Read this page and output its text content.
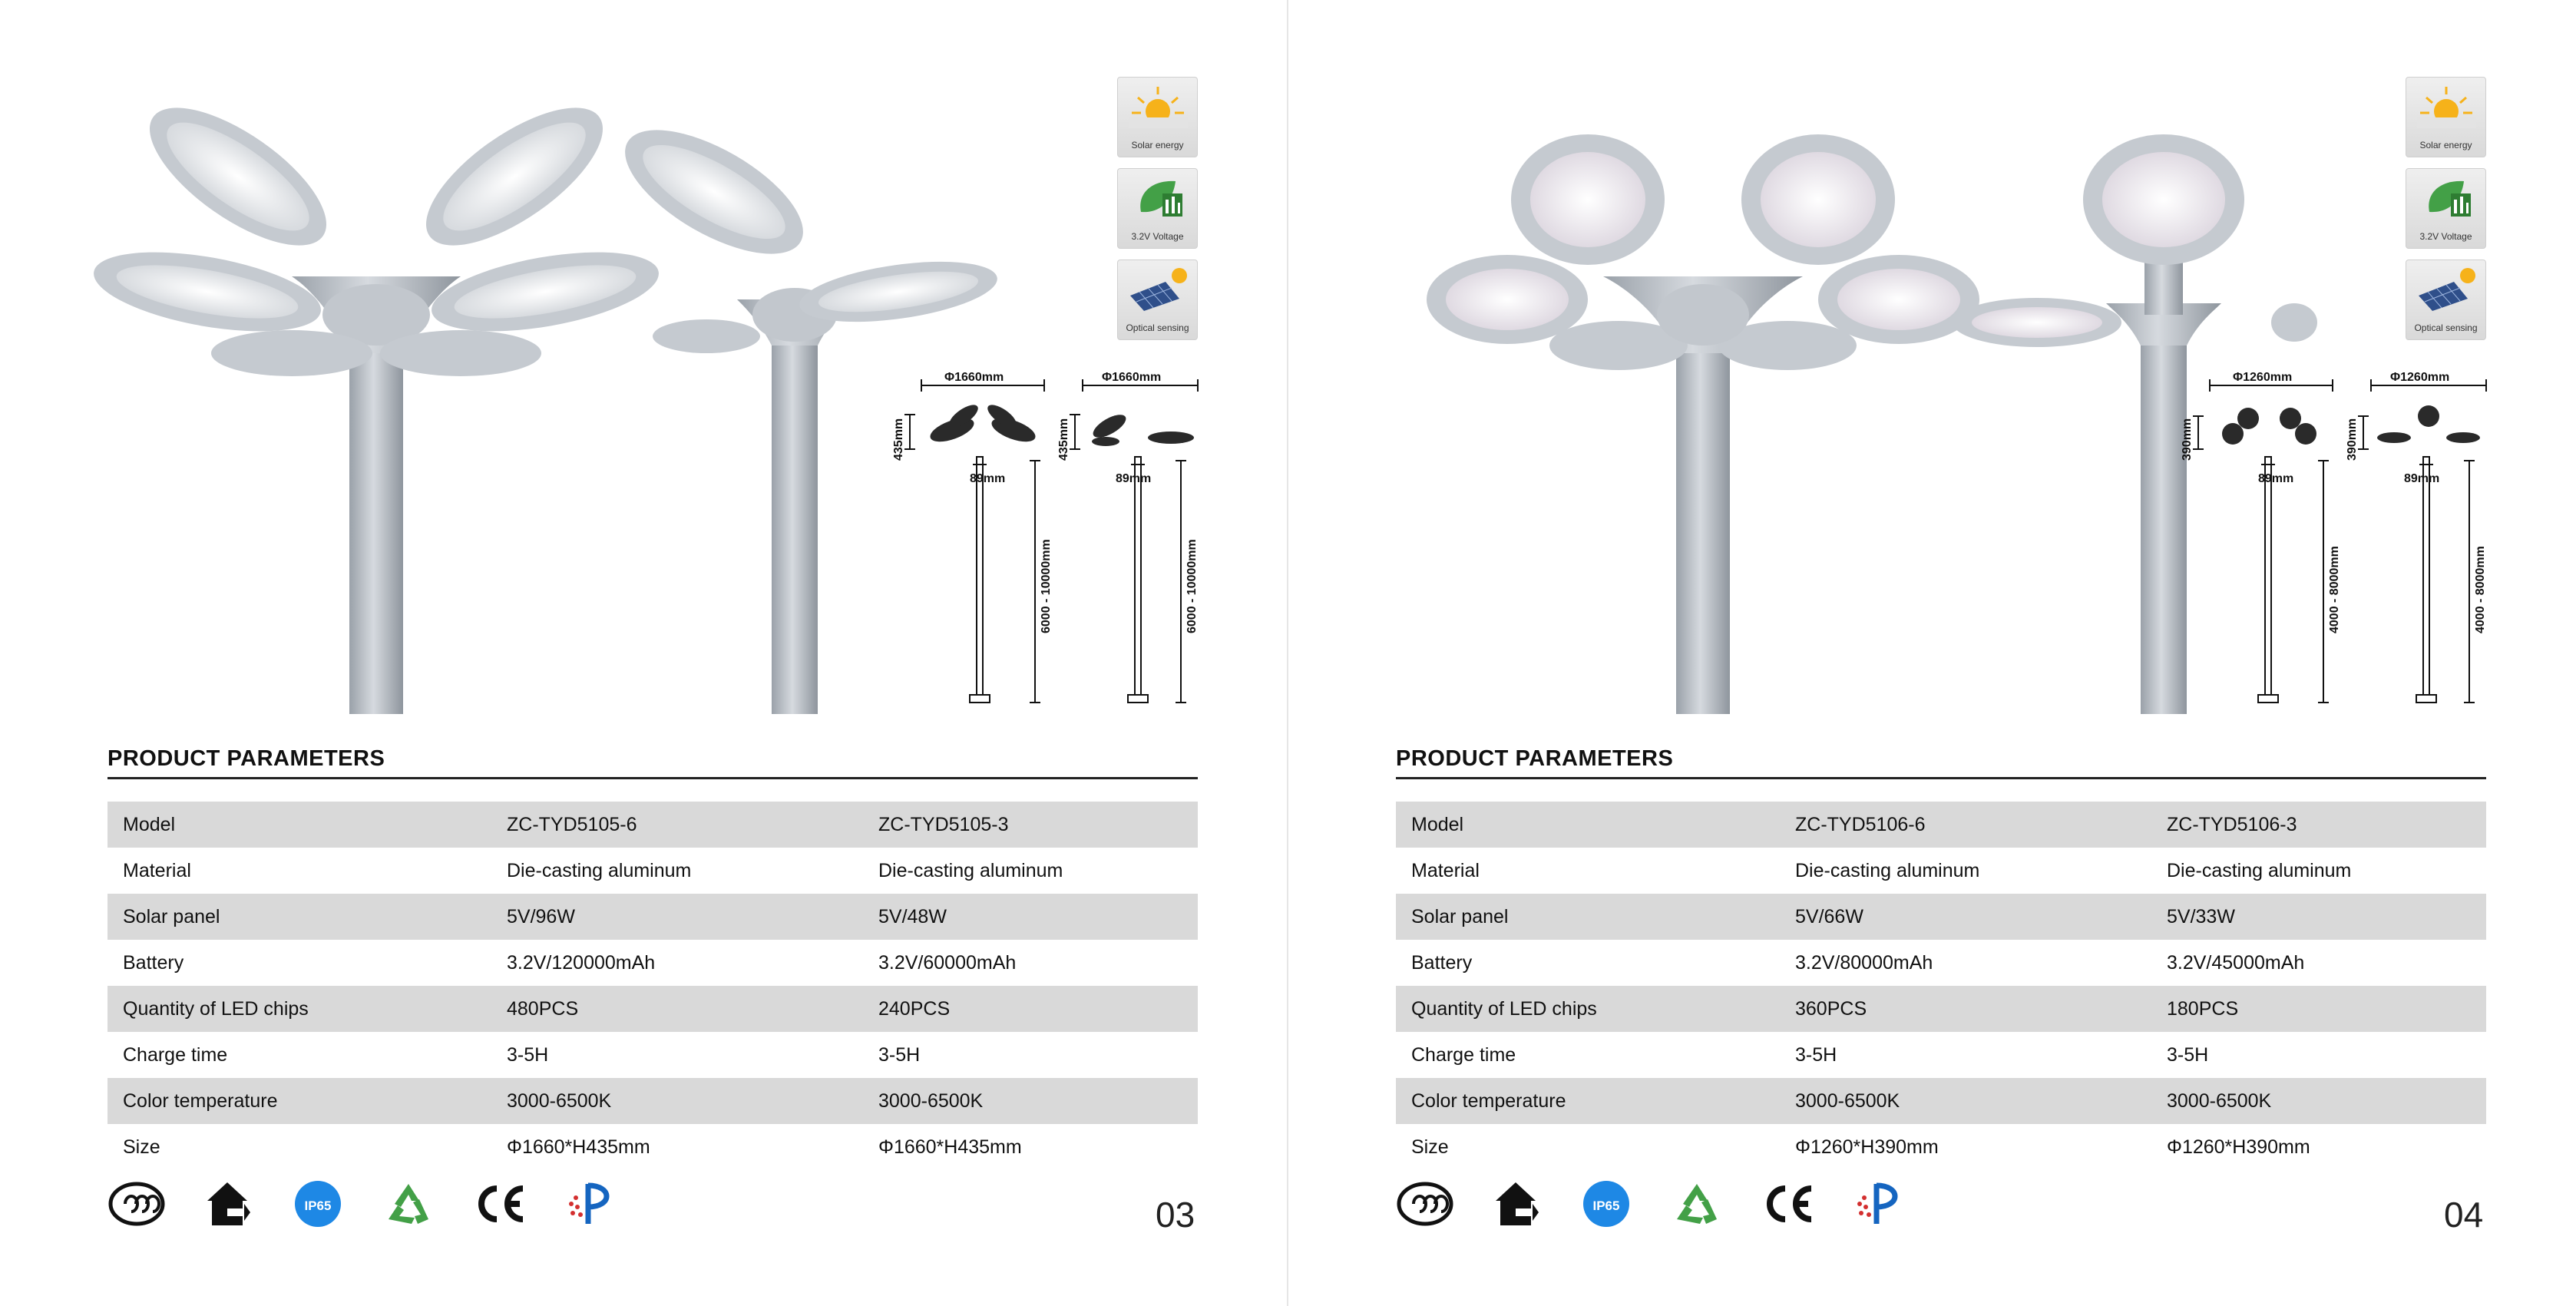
Solar energy
3.2V Voltage
Optical sensing
Φ1660mm	Φ1660mm
435mm	435mm
89mm	89mm
6000 - 10000mm	6000 - 10000mm
PRODUCT PARAMETERS
Model	ZC-TYD5105-6	ZC-TYD5105-3
Material	Die-casting aluminum	Die-casting aluminum
Solar panel	5V/96W	5V/48W
Battery	3.2V/120000mAh	3.2V/60000mAh
Quantity of LED chips	480PCS	240PCS
Charge time	3-5H	3-5H
Color temperature	3000-6500K	3000-6500K
Size	Φ1660*H435mm	Φ1660*H435mm
IP65	03
Solar energy
3.2V Voltage
Optical sensing
Φ1260mm	Φ1260mm
390mm	390mm
89mm	89mm
4000 - 8000mm	4000 - 8000mm
PRODUCT PARAMETERS
Model	ZC-TYD5106-6	ZC-TYD5106-3
Material	Die-casting aluminum	Die-casting aluminum
Solar panel	5V/66W	5V/33W
Battery	3.2V/80000mAh	3.2V/45000mAh
Quantity of LED chips	360PCS	180PCS
Charge time	3-5H	3-5H
Color temperature	3000-6500K	3000-6500K
Size	Φ1260*H390mm	Φ1260*H390mm
IP65	04
